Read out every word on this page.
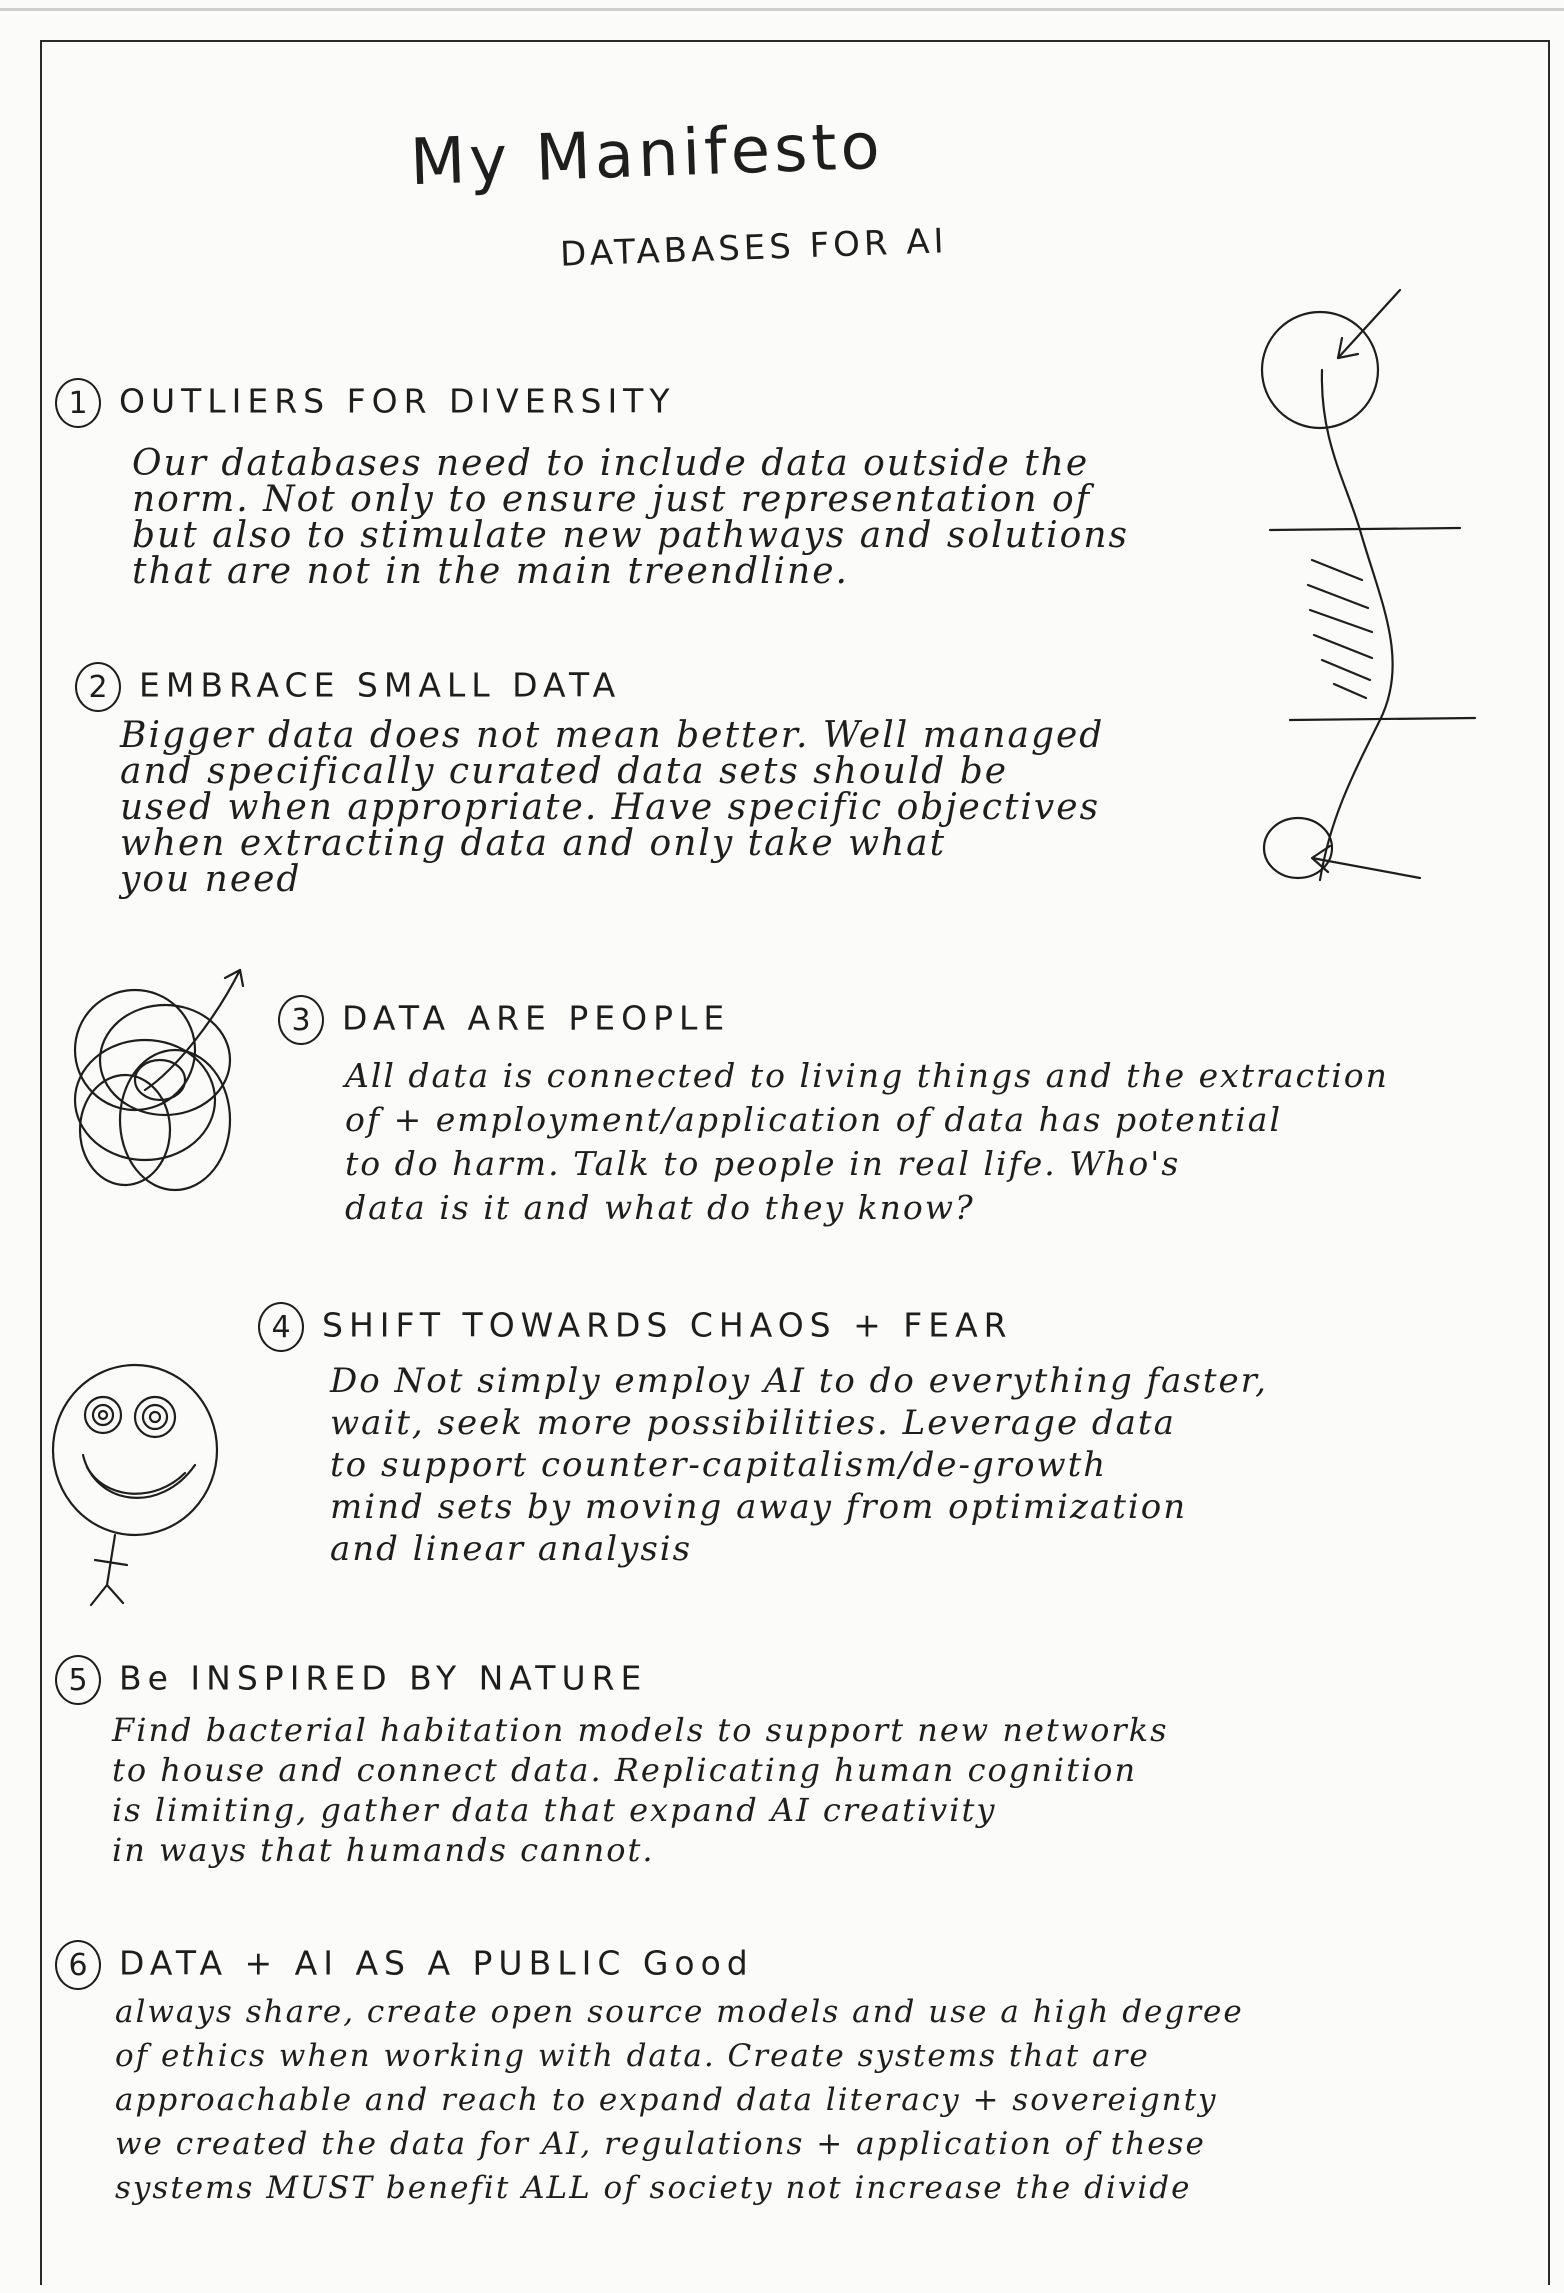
My Manifesto
DATABASES FOR AI
1 OUTLIERS FOR DIVERSITY

Our databases need to include data outside the

norm. Not only to ensure just representation of

but also to stimulate new pathways and solutions

that are not in the main treendline.

2 EMBRACE SMALL DATA

Bigger data does not mean better. Well managed

and specifically curated data sets should be

used when appropriate. Have specific objectives

when extracting data and only take what

you need

3 DATA ARE PEOPLE

All data is connected to living things and the extraction

of + employment/application of data has potential

to do harm. Talk to people in real life. Who's

data is it and what do they know?

4 SHIFT TOWARDS CHAOS + FEAR

Do Not simply employ AI to do everything faster,

wait, seek more possibilities. Leverage data

to support counter-capitalism/de-growth

mind sets by moving away from optimization

and linear analysis

5 Be INSPIRED BY NATURE

Find bacterial habitation models to support new networks

to house and connect data. Replicating human cognition

is limiting, gather data that expand AI creativity

in ways that humands cannot.

6 DATA + AI AS A PUBLIC Good

always share, create open source models and use a high degree

of ethics when working with data. Create systems that are

approachable and reach to expand data literacy + sovereignty

we created the data for AI, regulations + application of these

systems MUST benefit ALL of society not increase the divide
